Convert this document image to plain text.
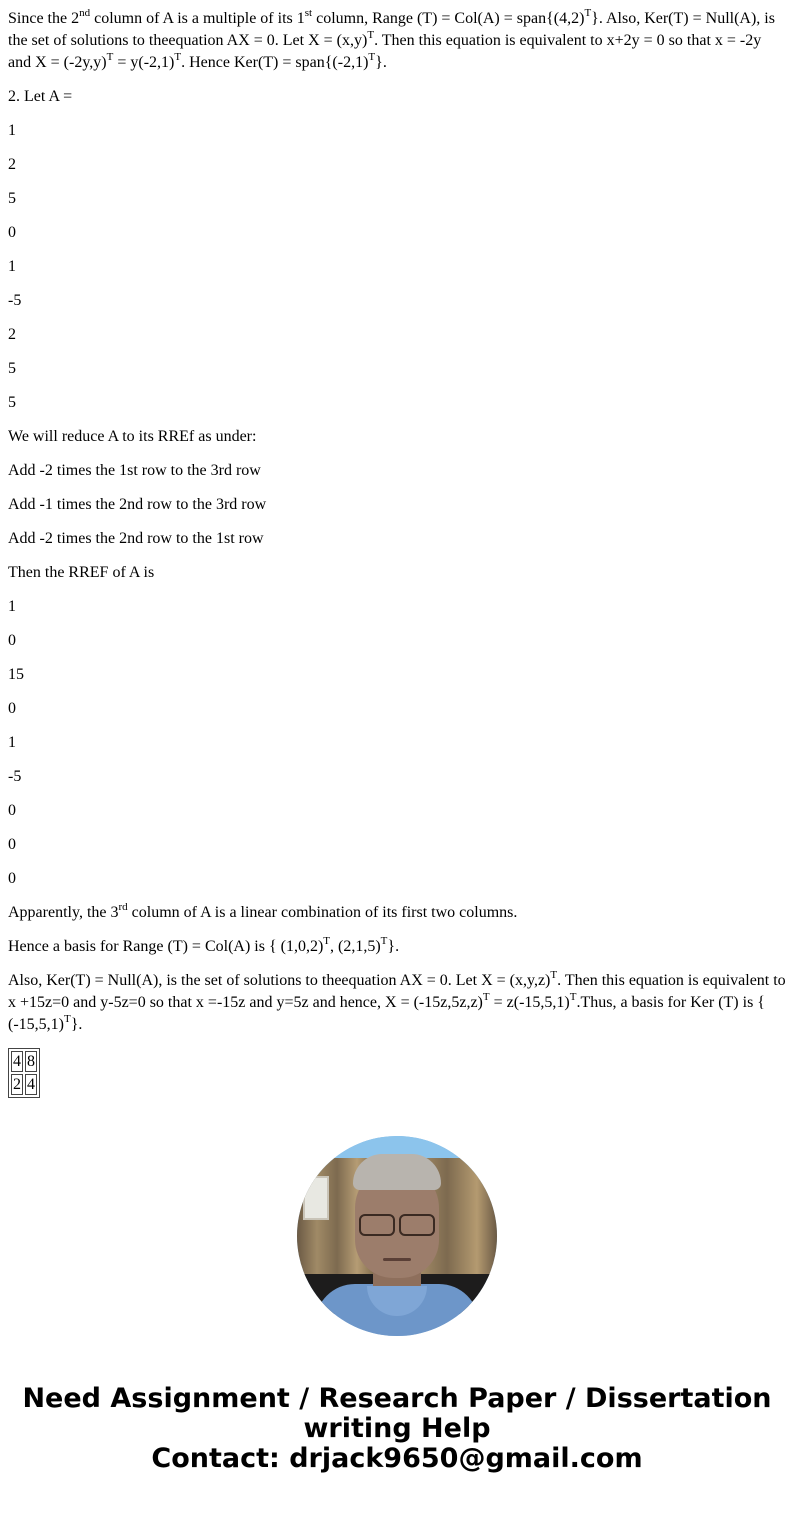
Since the 2nd column of A is a multiple of its 1st column, Range $(T) = Col(A) = span\{(4,2)^T\}$. Also, Ker(T) = Null(A), is the set of solutions to theequation AX = 0. Let $X = (x,y)^T$. Then this equation is equivalent to x+2y = 0 so that x = -2y and $X = (-2y,y)^T = y(-2,1)^T$. Hence $Ker(T) = span\{(-2,1)^T\}$.

2. Let A =

1

2

5

0

1

-5

2

5

5

We will reduce A to its RREf as under:

Add -2 times the 1st row to the 3rd row

Add -1 times the 2nd row to the 3rd row

Add -2 times the 2nd row to the 1st row

Then the RREF of A is

1

0

15

0

1

-5

0

0

0

Apparently, the 3rd column of A is a linear combination of its first two columns.

Hence a basis for Range (T) = Col(A) is { $(1,0,2)^T$, $(2,1,5)^T$}.

Also, Ker(T) = Null(A), is the set of solutions to theequation AX = 0. Let $X = (x,y,z)^T$. Then this equation is equivalent to x +15z=0 and y-5z=0 so that x =-15z and y=5z and hence, $X = (-15z,5z,z)^T$ = $z(-15,5,1)^T.Thus$, a basis for Ker (T) is { $(-15,5,1)^T$}.

4	8
2	4
Need Assignment / Research Paper / Dissertation
writing Help
Contact: drjack9650@gmail.com
